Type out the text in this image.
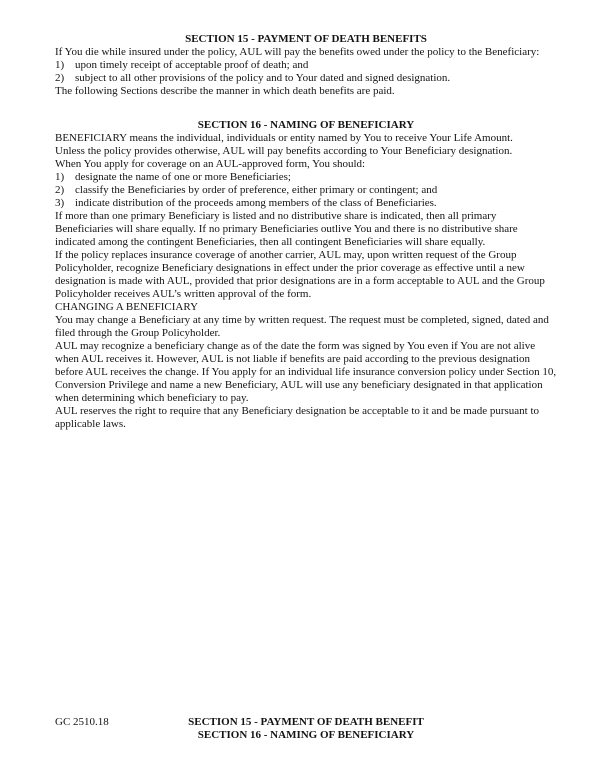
SECTION 15 - PAYMENT OF DEATH BENEFITS

If You die while insured under the policy, AUL will pay the benefits owed under the policy to the Beneficiary:

1) upon timely receipt of acceptable proof of death; and
2) subject to all other provisions of the policy and to Your dated and signed designation.

The following Sections describe the manner in which death benefits are paid.

SECTION 16 - NAMING OF BENEFICIARY

BENEFICIARY means the individual, individuals or entity named by You to receive Your Life Amount.

Unless the policy provides otherwise, AUL will pay benefits according to Your Beneficiary designation.

When You apply for coverage on an AUL-approved form, You should:

1) designate the name of one or more Beneficiaries;
2) classify the Beneficiaries by order of preference, either primary or contingent; and
3) indicate distribution of the proceeds among members of the class of Beneficiaries.

If more than one primary Beneficiary is listed and no distributive share is indicated, then all primary Beneficiaries will share equally. If no primary Beneficiaries outlive You and there is no distributive share indicated among the contingent Beneficiaries, then all contingent Beneficiaries will share equally.

If the policy replaces insurance coverage of another carrier, AUL may, upon written request of the Group Policyholder, recognize Beneficiary designations in effect under the prior coverage as effective until a new designation is made with AUL, provided that prior designations are in a form acceptable to AUL and the Group Policyholder receives AUL’s written approval of the form.

CHANGING A BENEFICIARY

You may change a Beneficiary at any time by written request. The request must be completed, signed, dated and filed through the Group Policyholder.

AUL may recognize a beneficiary change as of the date the form was signed by You even if You are not alive when AUL receives it. However, AUL is not liable if benefits are paid according to the previous designation before AUL receives the change. If You apply for an individual life insurance conversion policy under Section 10, Conversion Privilege and name a new Beneficiary, AUL will use any beneficiary designated in that application when determining which beneficiary to pay.

AUL reserves the right to require that any Beneficiary designation be acceptable to it and be made pursuant to applicable laws.

GC 2510.18	SECTION 15 - PAYMENT OF DEATH BENEFIT
SECTION 16 - NAMING OF BENEFICIARY
